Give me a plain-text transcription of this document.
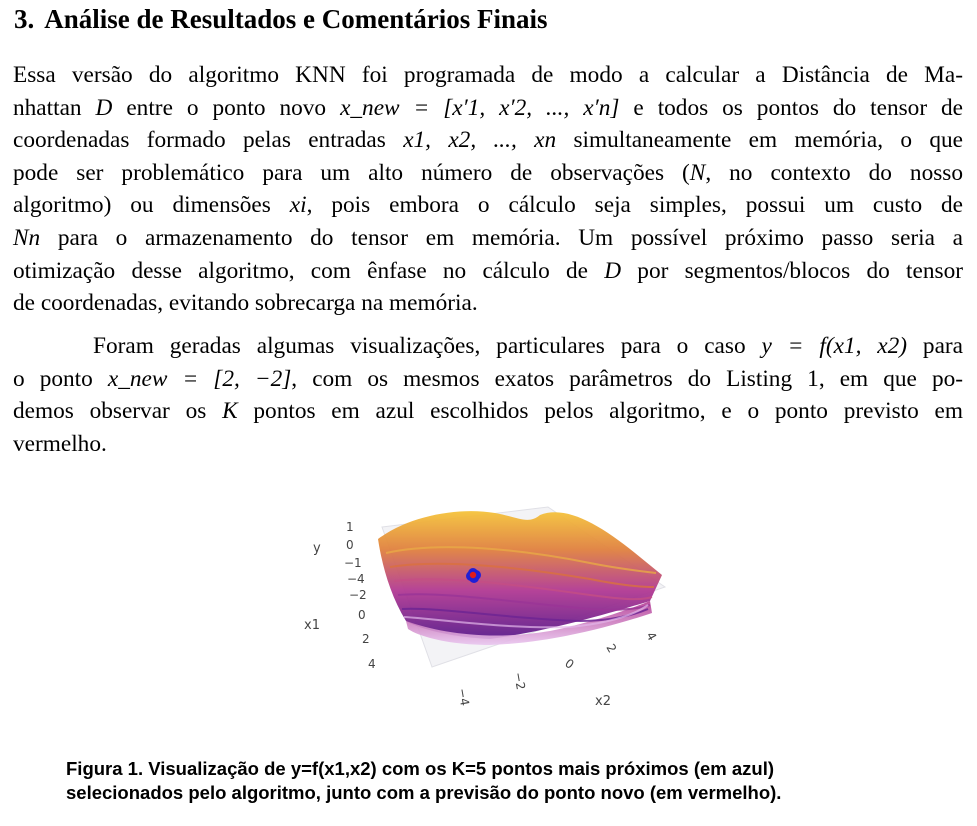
3. Análise de Resultados e Comentários Finais
Essa versão do algoritmo KNN foi programada de modo a calcular a Distância de Ma-
nhattan D entre o ponto novo x_new = [x′1, x′2, ..., x′n] e todos os pontos do tensor de
coordenadas formado pelas entradas x1, x2, ..., xn simultaneamente em memória, o que
pode ser problemático para um alto número de observações (N, no contexto do nosso
algoritmo) ou dimensões xi, pois embora o cálculo seja simples, possui um custo de
Nn para o armazenamento do tensor em memória. Um possível próximo passo seria a
otimização desse algoritmo, com ênfase no cálculo de D por segmentos/blocos do tensor
de coordenadas, evitando sobrecarga na memória.
Foram geradas algumas visualizações, particulares para o caso y = f(x1, x2) para
o ponto x_new = [2, −2], com os mesmos exatos parâmetros do Listing 1, em que po-
demos observar os K pontos em azul escolhidos pelos algoritmo, e o ponto previsto em
vermelho.
y
1
0
−1
−4
−2
x1
0
2
4
x2
−4
−2
0
2
4
Figura 1. Visualização de y=f(x1,x2) com os K=5 pontos mais próximos (em azul)
selecionados pelo algoritmo, junto com a previsão do ponto novo (em vermelho).
